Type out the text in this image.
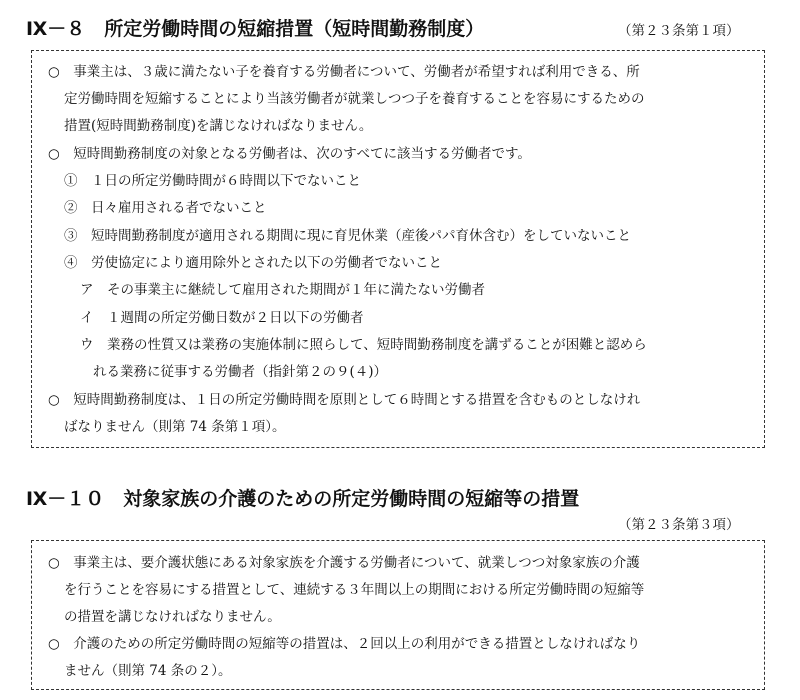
Ⅸ－８　所定労働時間の短縮措置（短時間勤務制度）	（第２３条第１項）
○　事業主は、３歳に満たない子を養育する労働者について、労働者が希望すれば利用できる、所
定労働時間を短縮することにより当該労働者が就業しつつ子を養育することを容易にするための
措置(短時間勤務制度)を講じなければなりません。
○　短時間勤務制度の対象となる労働者は、次のすべてに該当する労働者です。
①　１日の所定労働時間が６時間以下でないこと
②　日々雇用される者でないこと
③　短時間勤務制度が適用される期間に現に育児休業（産後パパ育休含む）をしていないこと
④　労使協定により適用除外とされた以下の労働者でないこと
ア　その事業主に継続して雇用された期間が１年に満たない労働者
イ　１週間の所定労働日数が２日以下の労働者
ウ　業務の性質又は業務の実施体制に照らして、短時間勤務制度を講ずることが困難と認めら
れる業務に従事する労働者（指針第２の９(４)）
○　短時間勤務制度は、１日の所定労働時間を原則として６時間とする措置を含むものとしなけれ
ばなりません（則第 74 条第１項）。
Ⅸ－１０　対象家族の介護のための所定労働時間の短縮等の措置
（第２３条第３項）
○　事業主は、要介護状態にある対象家族を介護する労働者について、就業しつつ対象家族の介護
を行うことを容易にする措置として、連続する３年間以上の期間における所定労働時間の短縮等
の措置を講じなければなりません。
○　介護のための所定労働時間の短縮等の措置は、２回以上の利用ができる措置としなければなり
ません（則第 74 条の２）。
